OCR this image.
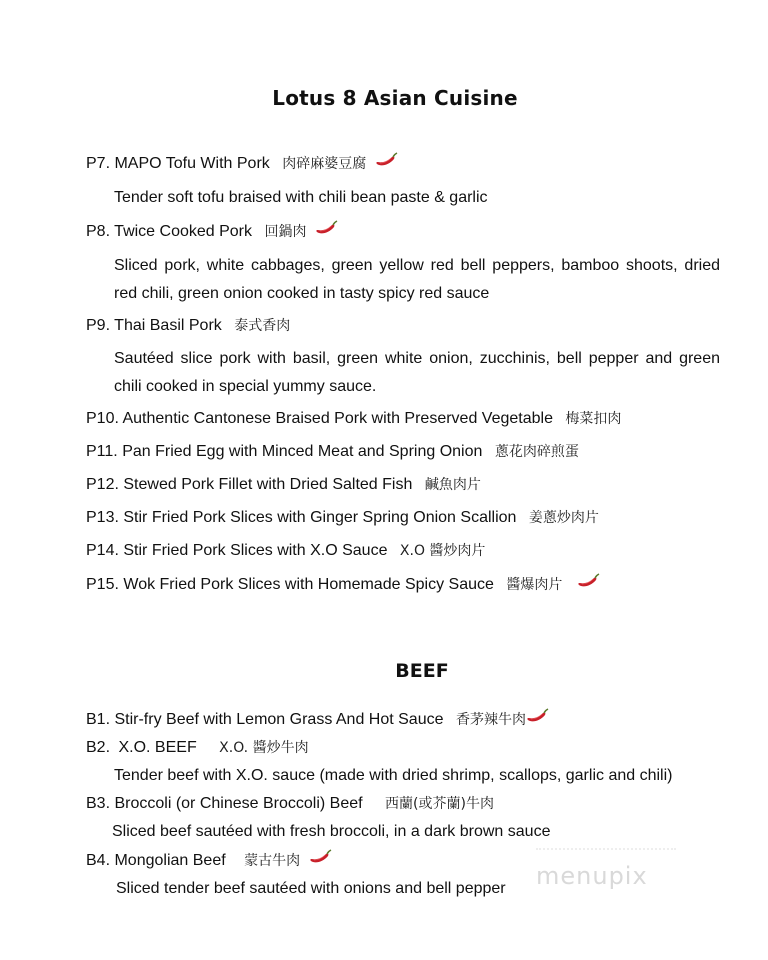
Lotus 8 Asian Cuisine
P7. MAPO Tofu With Pork 肉碎麻婆豆腐
Tender soft tofu braised with chili bean paste & garlic
P8. Twice Cooked Pork 回鍋肉
Sliced pork, white cabbages, green yellow red bell peppers, bamboo shoots, dried red chili, green onion cooked in tasty spicy red sauce
P9. Thai Basil Pork 泰式香肉
Sautéed slice pork with basil, green white onion, zucchinis, bell pepper and green chili cooked in special yummy sauce.
P10. Authentic Cantonese Braised Pork with Preserved Vegetable 梅菜扣肉
P11. Pan Fried Egg with Minced Meat and Spring Onion 蔥花肉碎煎蛋
P12. Stewed Pork Fillet with Dried Salted Fish 鹹魚肉片
P13. Stir Fried Pork Slices with Ginger Spring Onion Scallion 姜蔥炒肉片
P14. Stir Fried Pork Slices with X.O Sauce X.O 醬炒肉片
P15. Wok Fried Pork Slices with Homemade Spicy Sauce 醬爆肉片
BEEF
B1. Stir-fry Beef with Lemon Grass And Hot Sauce 香茅辣牛肉
B2. X.O. BEEF X.O. 醬炒牛肉
Tender beef with X.O. sauce (made with dried shrimp, scallops, garlic and chili)
B3. Broccoli (or Chinese Broccoli) Beef 西蘭(或芥蘭)牛肉
Sliced beef sautéed with fresh broccoli, in a dark brown sauce
B4. Mongolian Beef 蒙古牛肉
Sliced tender beef sautéed with onions and bell pepper	menupix
